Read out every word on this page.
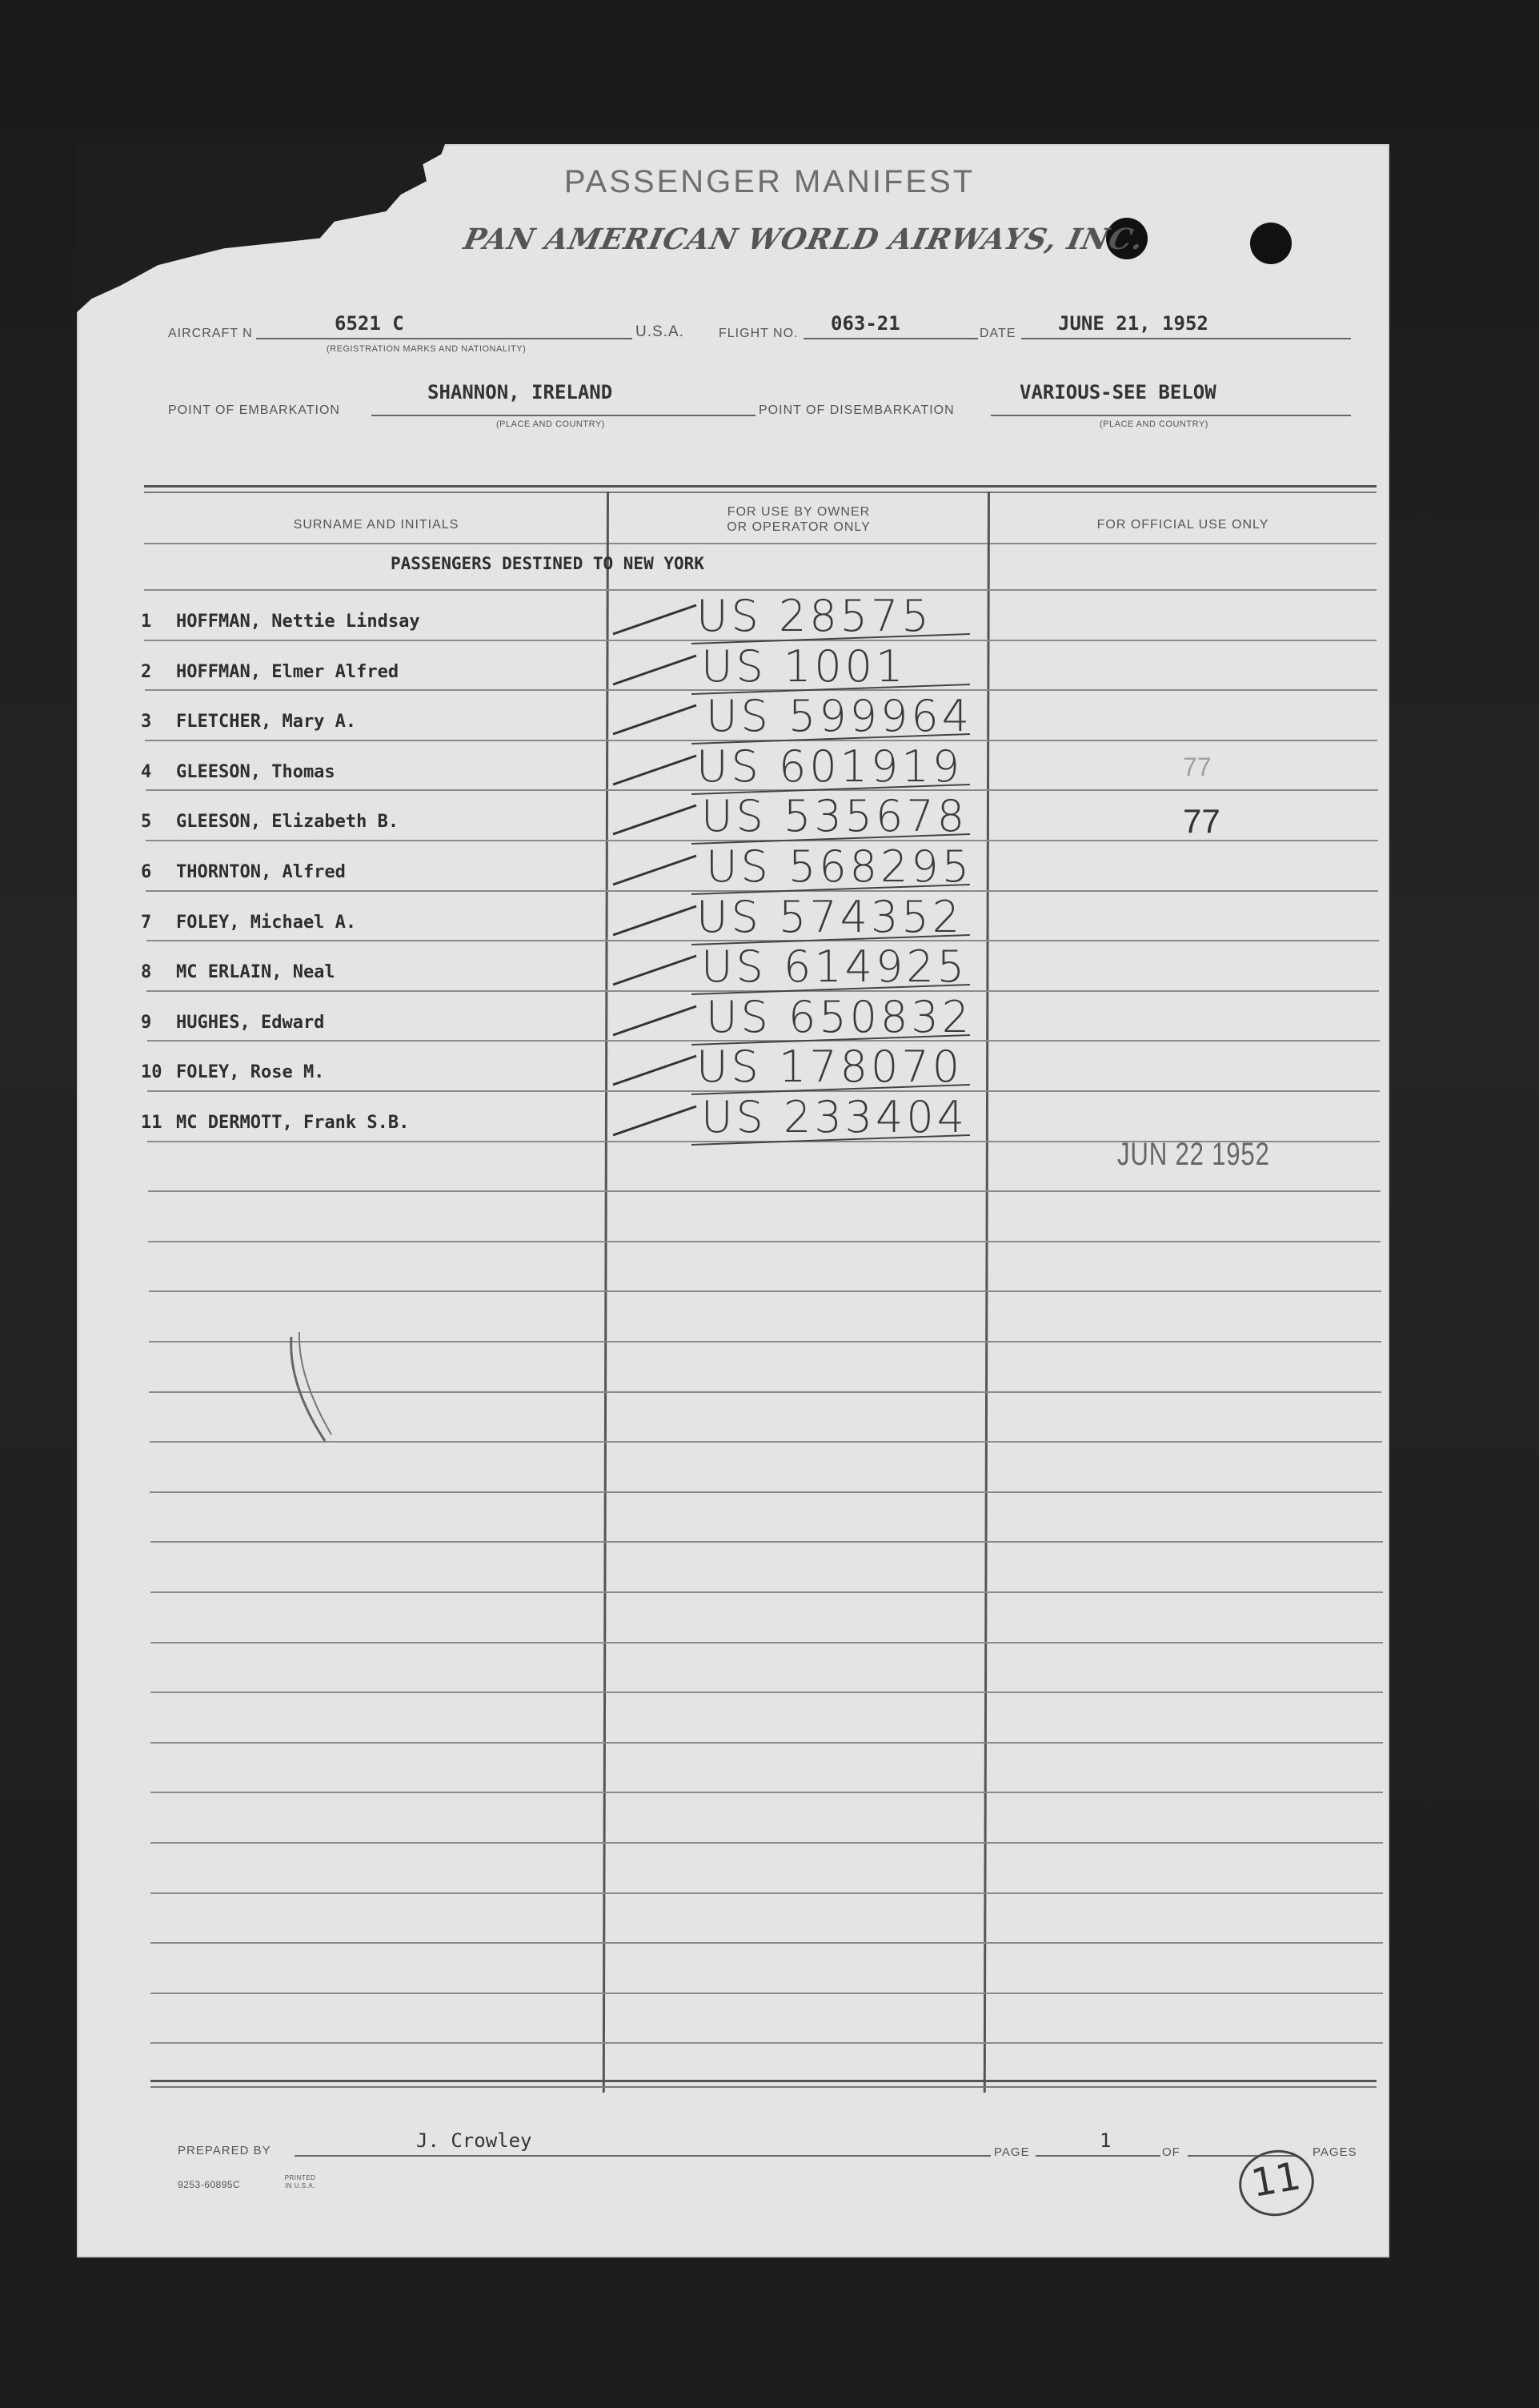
PASSENGER MANIFEST
PAN AMERICAN WORLD AIRWAYS, INC.
AIRCRAFT N	6521 C
(REGISTRATION MARKS AND NATIONALITY)
U.S.A.	FLIGHT NO. 063-21	DATE JUNE 21, 1952
POINT OF EMBARKATION
SHANNON, IRELAND
(PLACE AND COUNTRY)
POINT OF DISEMBARKATION
VARIOUS-SEE BELOW
(PLACE AND COUNTRY)
SURNAME AND INITIALS
FOR USE BY OWNER
OR OPERATOR ONLY	FOR OFFICIAL USE ONLY
PASSENGERS DESTINED TO NEW YORK
1 HOFFMAN, Nettie Lindsay	US 28575
2 HOFFMAN, Elmer Alfred	US 1001
3 FLETCHER, Mary A.	US 599964
4 GLEESON, Thomas	US 601919	77
5 GLEESON, Elizabeth B.	US 535678	77
6 THORNTON, Alfred	US 568295
7 FOLEY, Michael A.	US 574352
8 MC ERLAIN, Neal	US 614925
9 HUGHES, Edward	US 650832
10 FOLEY, Rose M.	US 178070
11 MC DERMOTT, Frank S.B.	US 233404
JUN 22 1952
PREPARED BY	J. Crowley
PAGE
1
OF	PAGES
9253-60895C
PRINTED IN U.S.A.	11
